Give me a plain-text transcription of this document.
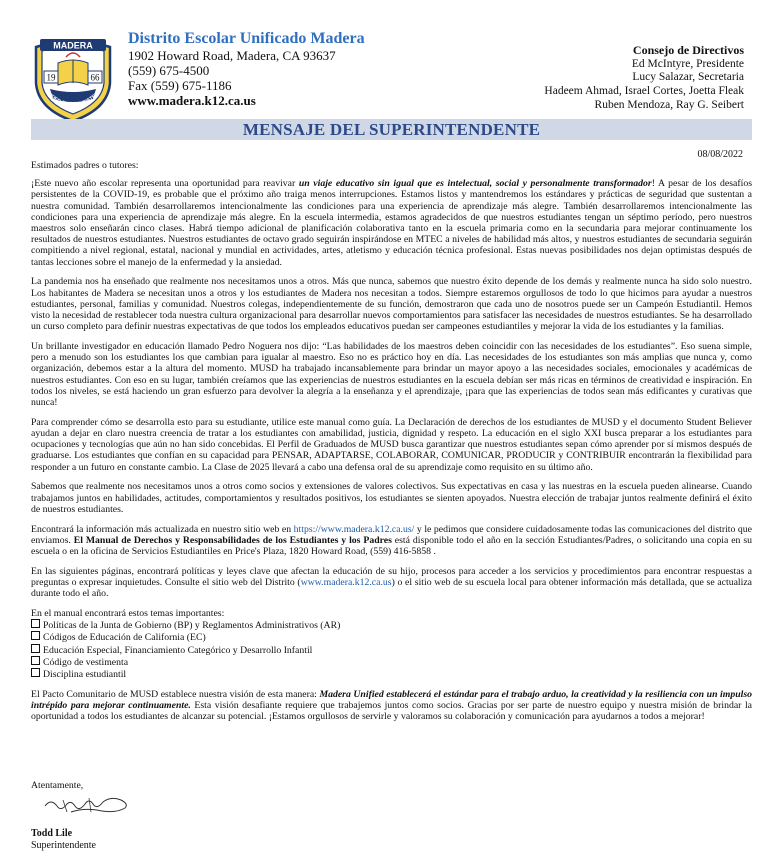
MADERA
19	66
IFIED SCHOOL DISTRI
Distrito Escolar Unificado Madera
1902 Howard Road, Madera, CA 93637
(559) 675-4500
Fax (559) 675-1186
www.madera.k12.ca.us
Consejo de Directivos
Ed McIntyre, Presidente
Lucy Salazar, Secretaria
Hadeem Ahmad, Israel Cortes, Joetta Fleak
Ruben Mendoza, Ray G. Seibert
MENSAJE DEL SUPERINTENDENTE
08/08/2022

Estimados padres o tutores:

¡Este nuevo año escolar representa una oportunidad para reavivar un viaje educativo sin igual que es intelectual, social y personalmente transformador! A pesar de los desafíos persistentes de la COVID-19, es probable que el próximo año traiga menos interrupciones. Estamos listos y mantendremos los estándares y prácticas de seguridad que sustentan a nuestra comunidad. También desarrollaremos intencionalmente las condiciones para una experiencia de aprendizaje más alegre. También desarrollaremos intencionalmente las condiciones para una experiencia de aprendizaje más alegre. En la escuela intermedia, estamos agradecidos de que nuestros estudiantes tengan un séptimo período, pero nuestros maestros solo enseñarán cinco clases. Habrá tiempo adicional de planificación colaborativa tanto en la escuela primaria como en la secundaria para mejorar continuamente los resultados de nuestros estudiantes. Nuestros estudiantes de octavo grado seguirán inspirándose en MTEC a niveles de habilidad más altos, y nuestros estudiantes de secundaria seguirán compitiendo a nivel regional, estatal, nacional y mundial en actividades, artes, atletismo y educación técnica profesional. Estas nuevas posibilidades nos dejan optimistas después de tantas lecciones sobre el manejo de la enfermedad y la ansiedad.

La pandemia nos ha enseñado que realmente nos necesitamos unos a otros. Más que nunca, sabemos que nuestro éxito depende de los demás y realmente nunca ha sido solo nuestro. Los habitantes de Madera se necesitan unos a otros y los estudiantes de Madera nos necesitan a todos. Siempre estaremos orgullosos de todo lo que hicimos para ayudar a nuestros estudiantes, personal, familias y comunidad. Nuestros colegas, independientemente de su función, demostraron que cada uno de nosotros puede ser un Campeón Estudiantil. Hemos visto la necesidad de restablecer toda nuestra cultura organizacional para desarrollar nuevos comportamientos para satisfacer las necesidades de nuestros estudiantes. Se ha desarrollado un curso completo para definir nuestras expectativas de que todos los empleados educativos puedan ser campeones estudiantiles y mejorar la vida de los estudiantes y la familias.

Un brillante investigador en educación llamado Pedro Noguera nos dijo: “Las habilidades de los maestros deben coincidir con las necesidades de los estudiantes”. Eso suena simple, pero a menudo son los estudiantes los que cambian para igualar al maestro. Eso no es práctico hoy en día. Las necesidades de los estudiantes son más amplias que nunca y, como organización, debemos estar a la altura del momento. MUSD ha trabajado incansablemente para brindar un mayor apoyo a las necesidades sociales, emocionales y académicas de nuestros estudiantes. Con eso en su lugar, también creíamos que las experiencias de nuestros estudiantes en la escuela debían ser más ricas en términos de creatividad e inspiración. En todos los niveles, se está haciendo un gran esfuerzo para devolver la alegría a la enseñanza y el aprendizaje, ¡para que las experiencias de todos sean más edificantes y curativas que nunca!

Para comprender cómo se desarrolla esto para su estudiante, utilice este manual como guía. La Declaración de derechos de los estudiantes de MUSD y el documento Student Believer ayudan a dejar en claro nuestra creencia de tratar a los estudiantes con amabilidad, justicia, dignidad y respeto. La educación en el siglo XXI busca preparar a los estudiantes para ocupaciones y tecnologías que aún no han sido concebidas. El Perfil de Graduados de MUSD busca garantizar que nuestros estudiantes sepan cómo aprender por sí mismos después de graduarse. Los estudiantes que confían en su capacidad para PENSAR, ADAPTARSE, COLABORAR, COMUNICAR, PRODUCIR y CONTRIBUIR encontrarán la flexibilidad para responder a un futuro en constante cambio. La Clase de 2025 llevará a cabo una defensa oral de su aprendizaje como requisito en su último año.

Sabemos que realmente nos necesitamos unos a otros como socios y extensiones de valores colectivos. Sus expectativas en casa y las nuestras en la escuela pueden alinearse. Cuando trabajamos juntos en habilidades, actitudes, comportamientos y resultados positivos, los estudiantes se sienten apoyados. Nuestra elección de trabajar juntos realmente definirá el éxito de nuestros estudiantes.

Encontrará la información más actualizada en nuestro sitio web en https://www.madera.k12.ca.us/ y le pedimos que considere cuidadosamente todas las comunicaciones del distrito que enviamos. El Manual de Derechos y Responsabilidades de los Estudiantes y los Padres está disponible todo el año en la sección Estudiantes/Padres, o solicitando una copia en su escuela o en la oficina de Servicios Estudiantiles en Price's Plaza, 1820 Howard Road, (559) 416-5858 .

En las siguientes páginas, encontrará políticas y leyes clave que afectan la educación de su hijo, procesos para acceder a los servicios y procedimientos para encontrar respuestas a preguntas o expresar inquietudes. Consulte el sitio web del Distrito (www.madera.k12.ca.us) o el sitio web de su escuela local para obtener información más detallada, que se actualiza durante todo el año.

En el manual encontrará estos temas importantes:
Políticas de la Junta de Gobierno (BP) y Reglamentos Administrativos (AR)
Códigos de Educación de California (EC)
Educación Especial, Financiamiento Categórico y Desarrollo Infantil
Código de vestimenta
Disciplina estudiantil

El Pacto Comunitario de MUSD establece nuestra visión de esta manera: Madera Unified establecerá el estándar para el trabajo arduo, la creatividad y la resiliencia con un impulso intrépido para mejorar continuamente. Esta visión desafiante requiere que trabajemos juntos como socios. Gracias por ser parte de nuestro equipo y nuestra misión de brindar la oportunidad a todos los estudiantes de alcanzar su potencial. ¡Estamos orgullosos de servirle y valoramos su colaboración y comunicación para ayudarnos a todos a mejorar!

Atentamente,
Todd Lile
Superintendente
